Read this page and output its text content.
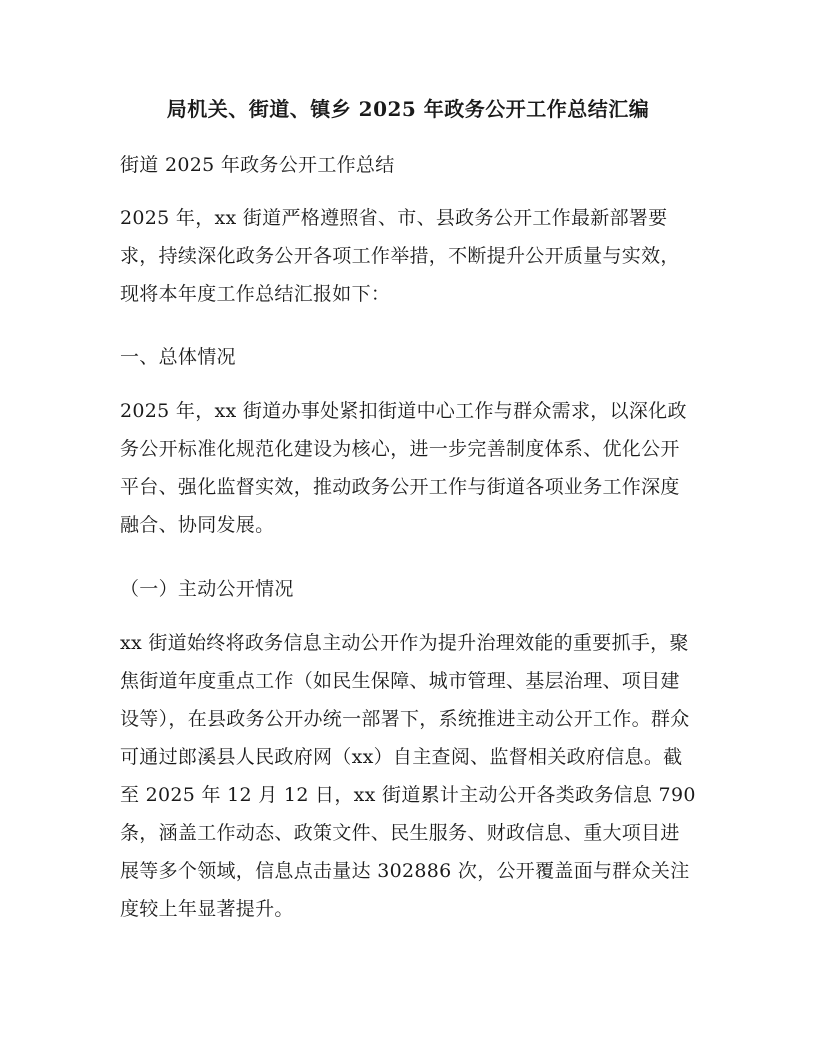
局机关、街道、镇乡 2025 年政务公开工作总结汇编

街道 2025 年政务公开工作总结

2025 年，xx 街道严格遵照省、市、县政务公开工作最新部署要求，持续深化政务公开各项工作举措，不断提升公开质量与实效，现将本年度工作总结汇报如下：

一、总体情况

2025 年，xx 街道办事处紧扣街道中心工作与群众需求，以深化政务公开标准化规范化建设为核心，进一步完善制度体系、优化公开平台、强化监督实效，推动政务公开工作与街道各项业务工作深度融合、协同发展。

（一）主动公开情况

xx 街道始终将政务信息主动公开作为提升治理效能的重要抓手，聚焦街道年度重点工作（如民生保障、城市管理、基层治理、项目建设等），在县政务公开办统一部署下，系统推进主动公开工作。群众可通过郎溪县人民政府网（xx）自主查阅、监督相关政府信息。截至 2025 年 12 月 12 日，xx 街道累计主动公开各类政务信息 790 条，涵盖工作动态、政策文件、民生服务、财政信息、重大项目进展等多个领域，信息点击量达 302886 次，公开覆盖面与群众关注度较上年显著提升。
